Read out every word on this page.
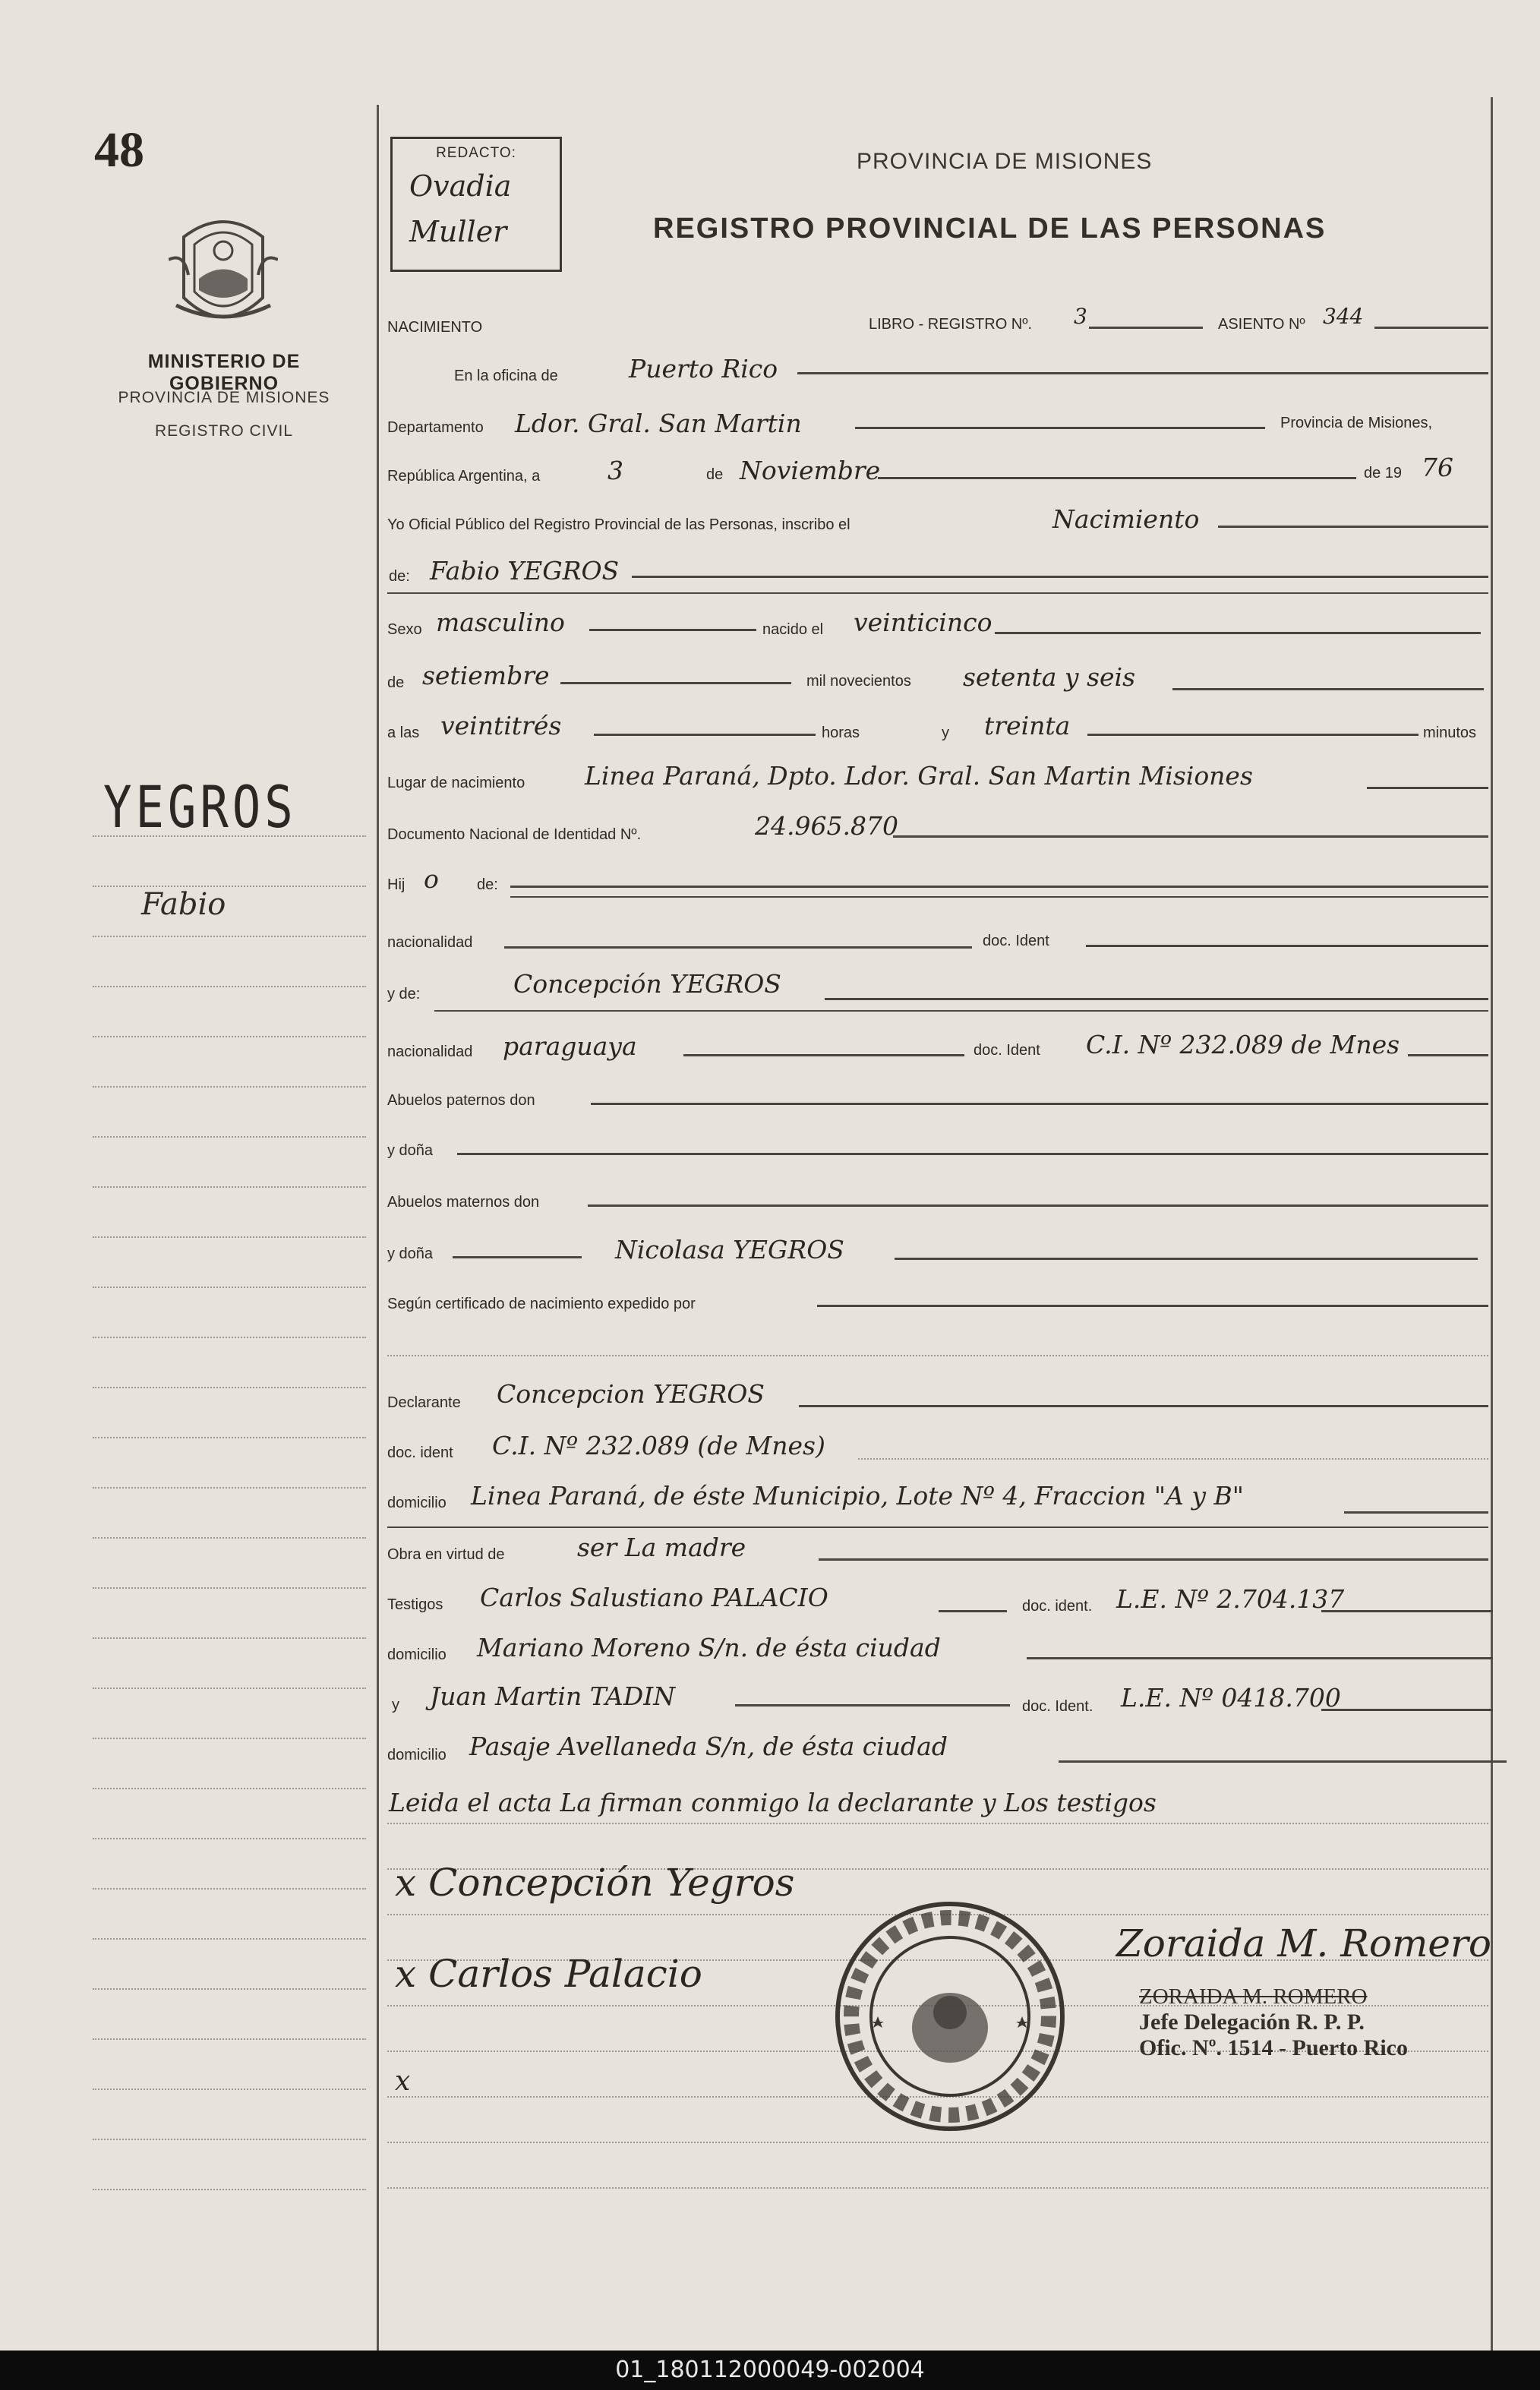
48
MINISTERIO DE GOBIERNO
PROVINCIA DE MISIONES
REGISTRO CIVIL
YEGROS
Fabio
REDACTO:
Ovadia
Muller
PROVINCIA DE MISIONES
REGISTRO PROVINCIAL DE LAS PERSONAS
NACIMIENTO	LIBRO - REGISTRO Nº. 3	ASIENTO Nº 344
En la oficina de	Puerto Rico
Departamento Ldor. Gral. San Martin	Provincia de Misiones,
República Argentina, a	3	de Noviembre	de 19 76
Yo Oficial Público del Registro Provincial de las Personas, inscribo el	Nacimiento
de: Fabio YEGROS
Sexo masculino	nacido el veinticinco
de setiembre	mil novecientos setenta y seis
a las veintitrés	horas	y treinta	minutos
Lugar de nacimiento Linea Paraná, Dpto. Ldor. Gral. San Martin Misiones
Documento Nacional de Identidad Nº.	24.965.870
Hij o	de:
nacionalidad	doc. Ident
y de:	Concepción YEGROS
nacionalidad paraguaya	doc. Ident C.I. Nº 232.089 de Mnes
Abuelos paternos don
y doña
Abuelos maternos don
y doña	Nicolasa YEGROS
Según certificado de nacimiento expedido por
Declarante Concepcion YEGROS
doc. ident C.I. Nº 232.089 (de Mnes)
domicilio Linea Paraná, de éste Municipio, Lote Nº 4, Fraccion "A y B"
Obra en virtud de	ser La madre
Testigos Carlos Salustiano PALACIO	doc. ident. L.E. Nº 2.704.137
domicilio Mariano Moreno S/n. de ésta ciudad
y Juan Martin TADIN	doc. Ident. L.E. Nº 0418.700
domicilio Pasaje Avellaneda S/n, de ésta ciudad
Leida el acta La firman conmigo la declarante y Los testigos
x Concepción Yegros
x Carlos Palacio
x
Zoraida M. Romero
ZORAIDA M. ROMERO
Jefe Delegación R. P. P.
Ofic. Nº. 1514 - Puerto Rico
01_180112000049-002004
